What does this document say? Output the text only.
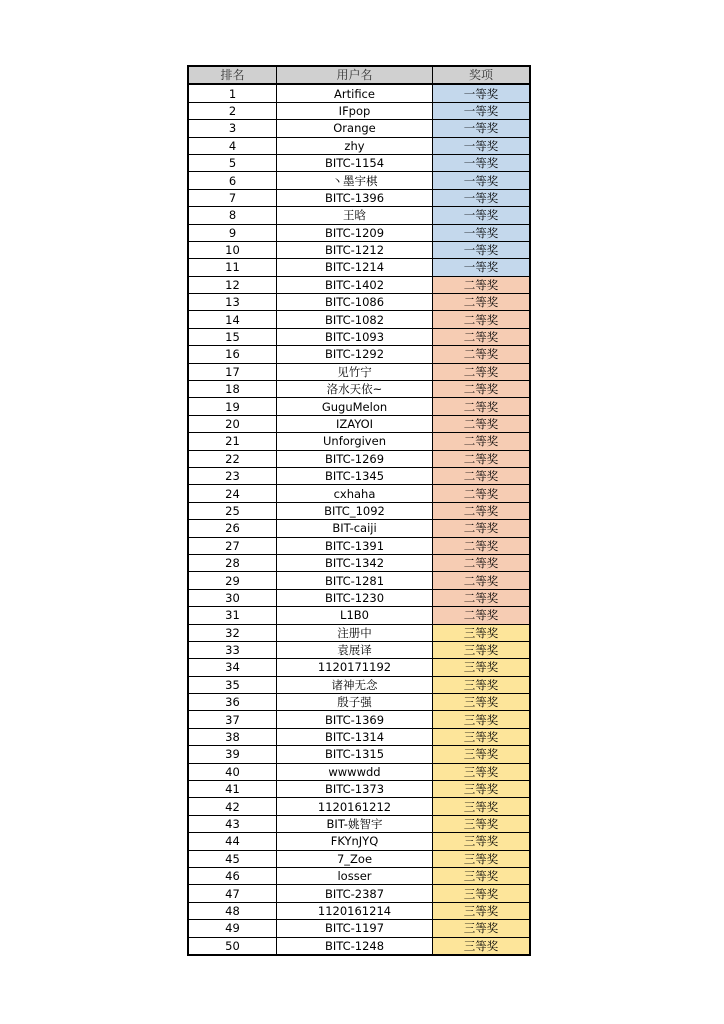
排名	用户名	奖项
1	Artifice	一等奖
2	IFpop	一等奖
3	Orange	一等奖
4	zhy	一等奖
5	BITC-1154	一等奖
6	丶墨宇棋	一等奖
7	BITC-1396	一等奖
8	王晗	一等奖
9	BITC-1209	一等奖
10	BITC-1212	一等奖
11	BITC-1214	一等奖
12	BITC-1402	二等奖
13	BITC-1086	二等奖
14	BITC-1082	二等奖
15	BITC-1093	二等奖
16	BITC-1292	二等奖
17	见竹宁	二等奖
18	洛水天依~	二等奖
19	GuguMelon	二等奖
20	IZAYOI	二等奖
21	Unforgiven	二等奖
22	BITC-1269	二等奖
23	BITC-1345	二等奖
24	cxhaha	二等奖
25	BITC_1092	二等奖
26	BIT-caiji	二等奖
27	BITC-1391	二等奖
28	BITC-1342	二等奖
29	BITC-1281	二等奖
30	BITC-1230	二等奖
31	L1B0	二等奖
32	注册中	三等奖
33	袁展译	三等奖
34	1120171192	三等奖
35	诸神无念	三等奖
36	殷子强	三等奖
37	BITC-1369	三等奖
38	BITC-1314	三等奖
39	BITC-1315	三等奖
40	wwwwdd	三等奖
41	BITC-1373	三等奖
42	1120161212	三等奖
43	BIT-姚智宇	三等奖
44	FKYnJYQ	三等奖
45	7_Zoe	三等奖
46	losser	三等奖
47	BITC-2387	三等奖
48	1120161214	三等奖
49	BITC-1197	三等奖
50	BITC-1248	三等奖
